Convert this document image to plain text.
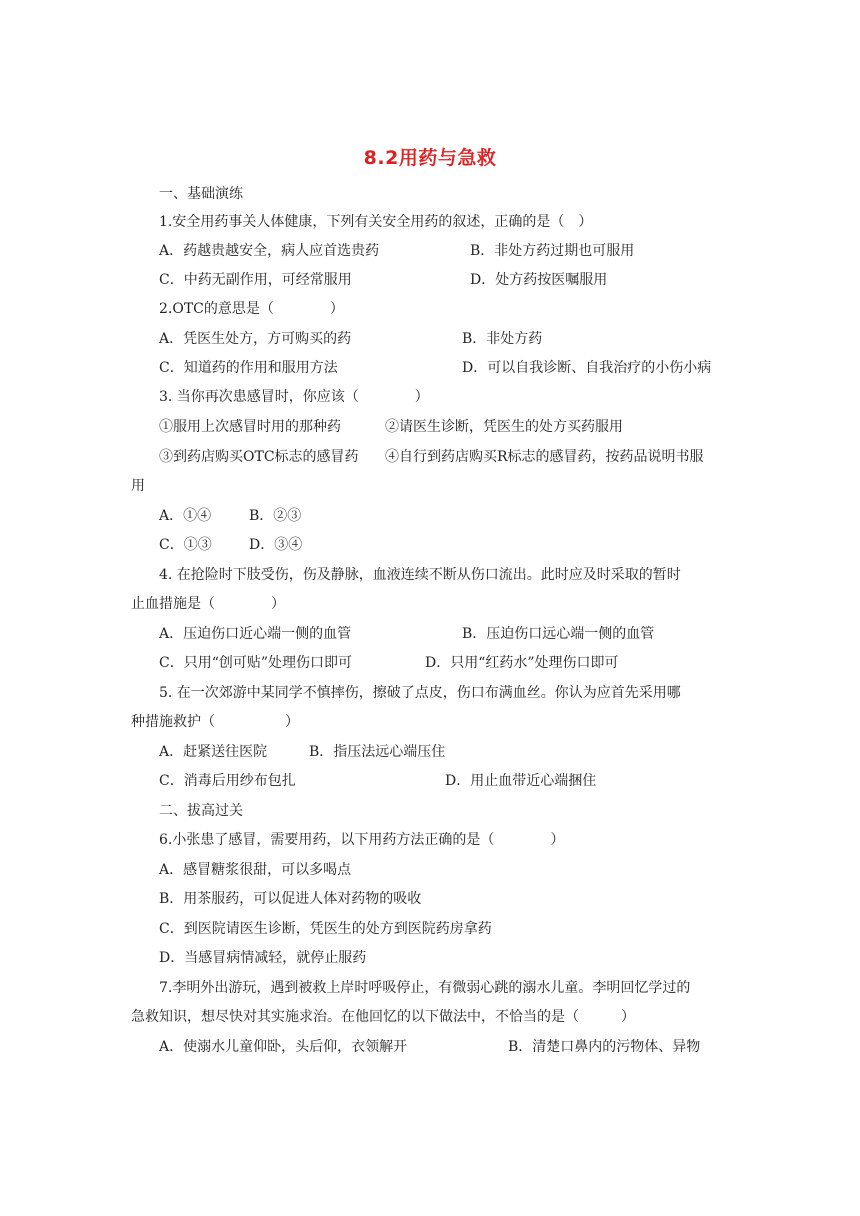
8.2用药与急救
一、基础演练
1.安全用药事关人体健康，下列有关安全用药的叙述，正确的是（　）
A．药越贵越安全，病人应首选贵药	B．非处方药过期也可服用
C．中药无副作用，可经常服用	D．处方药按医嘱服用
2.OTC的意思是（　　　　）
A．凭医生处方，方可购买的药	B．非处方药
C．知道药的作用和服用方法	D．可以自我诊断、自我治疗的小伤小病
3. 当你再次患感冒时，你应该（　　　　）
①服用上次感冒时用的那种药	②请医生诊断，凭医生的处方买药服用
③到药店购买OTC标志的感冒药 ④自行到药店购买R标志的感冒药，按药品说明书服
用
A．①④	B．②③
C．①③	D．③④
4. 在抢险时下肢受伤，伤及静脉，血液连续不断从伤口流出。此时应及时采取的暂时
止血措施是（　　　　）
A．压迫伤口近心端一侧的血管	B．压迫伤口远心端一侧的血管
C．只用“创可贴”处理伤口即可	D．只用“红药水”处理伤口即可
5. 在一次郊游中某同学不慎摔伤，擦破了点皮，伤口布满血丝。你认为应首先采用哪
种措施救护（　　　　　）
A．赶紧送往医院	B．指压法远心端压住
C．消毒后用纱布包扎	D．用止血带近心端捆住
二、拔高过关
6.小张患了感冒，需要用药，以下用药方法正确的是（　　　　）
A．感冒糖浆很甜，可以多喝点
B．用茶服药，可以促进人体对药物的吸收
C．到医院请医生诊断，凭医生的处方到医院药房拿药
D．当感冒病情减轻，就停止服药
7.李明外出游玩，遇到被救上岸时呼吸停止，有微弱心跳的溺水儿童。李明回忆学过的
急救知识，想尽快对其实施求治。在他回忆的以下做法中，不恰当的是（　　　）
A．使溺水儿童仰卧，头后仰，衣领解开	B．清楚口鼻内的污物体、异物
